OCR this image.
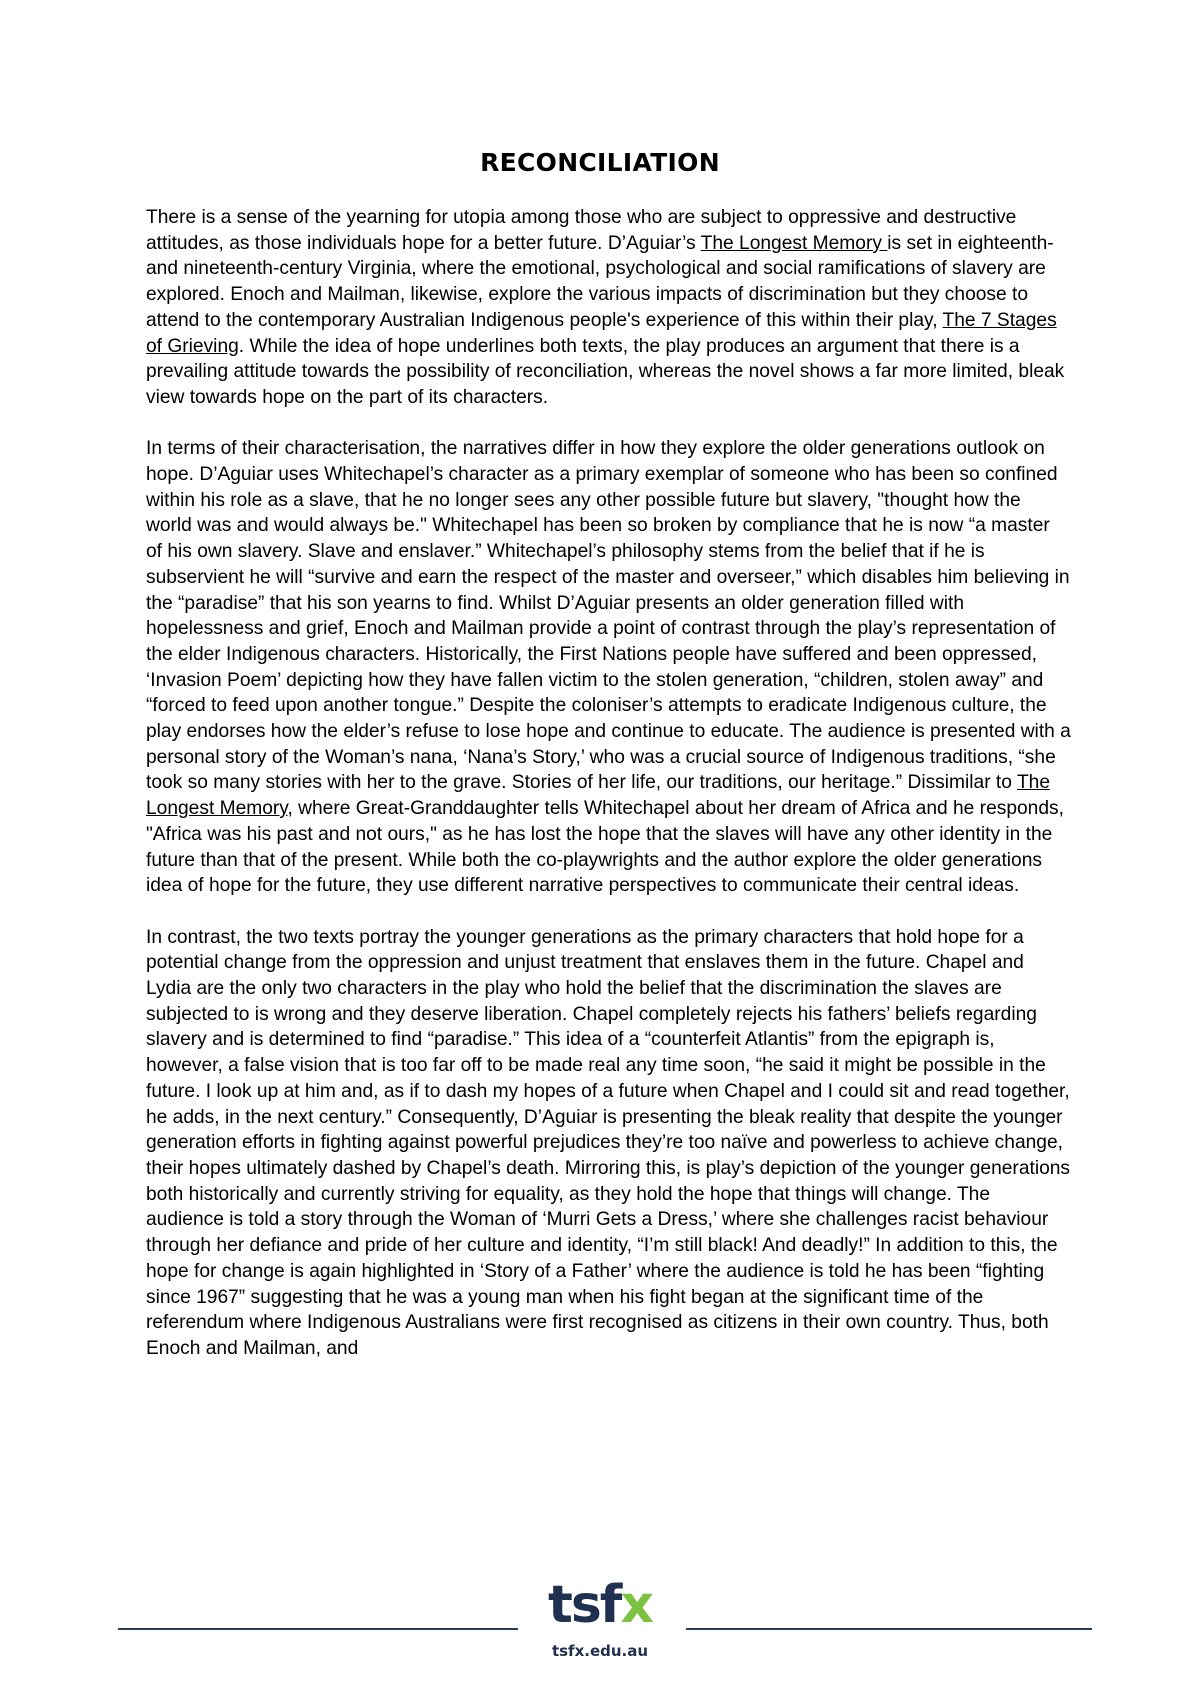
RECONCILIATION

There is a sense of the yearning for utopia among those who are subject to oppressive and destructive attitudes, as those individuals hope for a better future. D’Aguiar’s The Longest Memory is set in eighteenth- and nineteenth-century Virginia, where the emotional, psychological and social ramifications of slavery are explored. Enoch and Mailman, likewise, explore the various impacts of discrimination but they choose to attend to the contemporary Australian Indigenous people's experience of this within their play, The 7 Stages of Grieving. While the idea of hope underlines both texts, the play produces an argument that there is a prevailing attitude towards the possibility of reconciliation, whereas the novel shows a far more limited, bleak view towards hope on the part of its characters.

In terms of their characterisation, the narratives differ in how they explore the older generations outlook on hope. D’Aguiar uses Whitechapel’s character as a primary exemplar of someone who has been so confined within his role as a slave, that he no longer sees any other possible future but slavery, "thought how the world was and would always be." Whitechapel has been so broken by compliance that he is now “a master of his own slavery. Slave and enslaver.” Whitechapel’s philosophy stems from the belief that if he is subservient he will “survive and earn the respect of the master and overseer,” which disables him believing in the “paradise” that his son yearns to find. Whilst D’Aguiar presents an older generation filled with hopelessness and grief, Enoch and Mailman provide a point of contrast through the play’s representation of the elder Indigenous characters. Historically, the First Nations people have suffered and been oppressed, ‘Invasion Poem’ depicting how they have fallen victim to the stolen generation, “children, stolen away” and “forced to feed upon another tongue.” Despite the coloniser’s attempts to eradicate Indigenous culture, the play endorses how the elder’s refuse to lose hope and continue to educate. The audience is presented with a personal story of the Woman’s nana, ‘Nana’s Story,’ who was a crucial source of Indigenous traditions, “she took so many stories with her to the grave. Stories of her life, our traditions, our heritage.” Dissimilar to The Longest Memory, where Great-Granddaughter tells Whitechapel about her dream of Africa and he responds, "Africa was his past and not ours," as he has lost the hope that the slaves will have any other identity in the future than that of the present. While both the co-playwrights and the author explore the older generations idea of hope for the future, they use different narrative perspectives to communicate their central ideas.

In contrast, the two texts portray the younger generations as the primary characters that hold hope for a potential change from the oppression and unjust treatment that enslaves them in the future. Chapel and Lydia are the only two characters in the play who hold the belief that the discrimination the slaves are subjected to is wrong and they deserve liberation. Chapel completely rejects his fathers’ beliefs regarding slavery and is determined to find “paradise.” This idea of a “counterfeit Atlantis” from the epigraph is, however, a false vision that is too far off to be made real any time soon, “he said it might be possible in the future. I look up at him and, as if to dash my hopes of a future when Chapel and I could sit and read together, he adds, in the next century.” Consequently, D’Aguiar is presenting the bleak reality that despite the younger generation efforts in fighting against powerful prejudices they’re too naïve and powerless to achieve change, their hopes ultimately dashed by Chapel’s death. Mirroring this, is play’s depiction of the younger generations both historically and currently striving for equality, as they hold the hope that things will change. The audience is told a story through the Woman of ‘Murri Gets a Dress,’ where she challenges racist behaviour through her defiance and pride of her culture and identity, “I’m still black! And deadly!” In addition to this, the hope for change is again highlighted in ‘Story of a Father’ where the audience is told he has been “fighting since 1967” suggesting that he was a young man when his fight began at the significant time of the referendum where Indigenous Australians were first recognised as citizens in their own country. Thus, both Enoch and Mailman, and

tsfx
tsfx.edu.au
